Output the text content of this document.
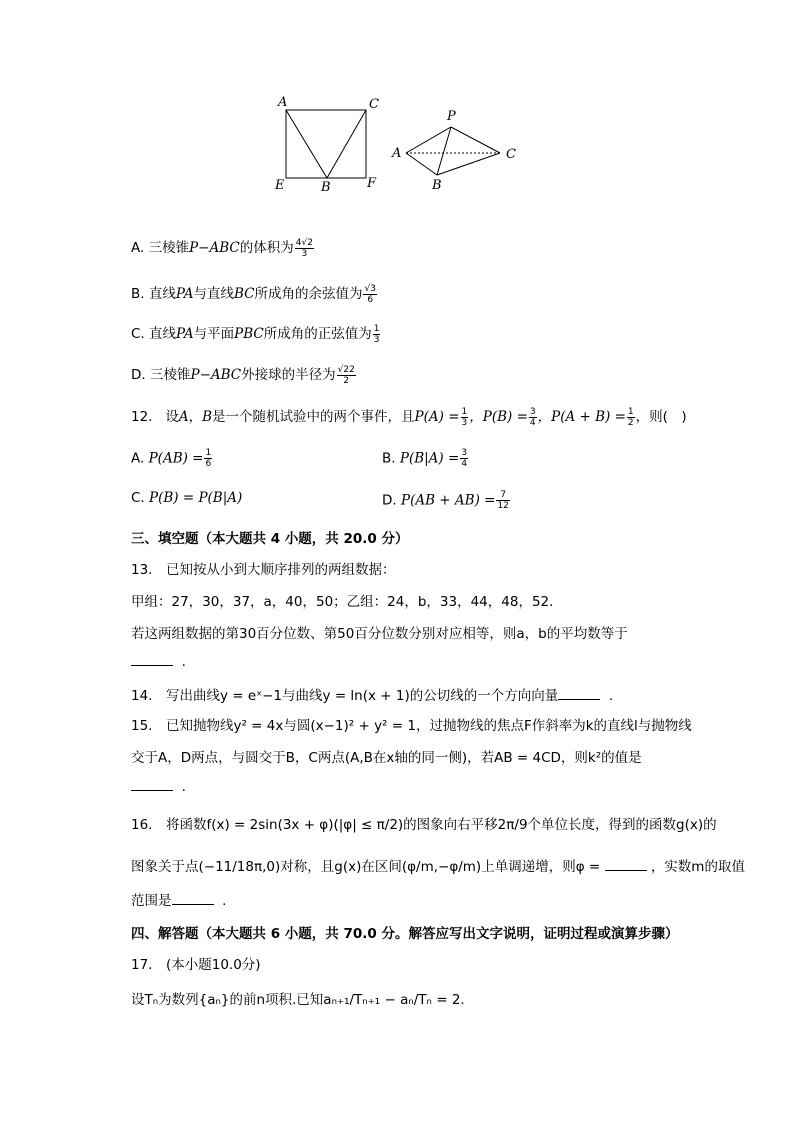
A	C
E	B	F
P
A
B
C
A. 三棱锥P−ABC的体积为 $\frac{4√2}{3}$
B. 直线PA与直线BC所成角的余弦值为 $\frac{√3}{6}$
C. 直线PA与平面PBC所成角的正弦值为 $\frac{1}{3}$
D. 三棱锥P−ABC外接球的半径为 $\frac{√22}{2}$
12. 设A，B是一个随机试验中的两个事件，且$P(A) = \frac{1}{3}$ ，$P(B) = \frac{3}{4}$ ，$P(A + B) = \frac{1}{2}$ ，则(　)
A. $P(AB) = \frac{1}{6}$	B. $P(B|A) = \frac{3}{4}$
C. P(B) = P(B|A)	D. $P(AB + AB) = \frac{7}{12}$
三、填空题（本大题共 4 小题，共 20.0 分）
13.　已知按从小到大顺序排列的两组数据：
甲组：27，30，37，a，40，50；乙组：24，b，33，44，48，52.
若这两组数据的第30百分位数、第50百分位数分别对应相等，则a，b的平均数等于
.
14.　写出曲线y = eˣ−1与曲线y = ln(x + 1)的公切线的一个方向向量	.
15.　已知抛物线y² = 4x与圆(x−1)² + y² = 1，过抛物线的焦点F作斜率为k的直线l与抛物线
交于A，D两点，与圆交于B，C两点(A,B在x轴的同一侧)，若AB = 4CD，则k²的值是
.
16.　将函数f(x) = 2sin(3x + φ)(|φ| ≤ π/2)的图象向右平移2π/9个单位长度，得到的函数g(x)的
图象关于点(−11/18π,0)对称，且g(x)在区间(φ/m,−φ/m)上单调递增，则φ =	，实数m的取值
范围是	.
四、解答题（本大题共 6 小题，共 70.0 分。解答应写出文字说明，证明过程或演算步骤）
17.　(本小题10.0分)
设Tₙ为数列{aₙ}的前n项积.已知aₙ₊₁/Tₙ₊₁ − aₙ/Tₙ = 2.
